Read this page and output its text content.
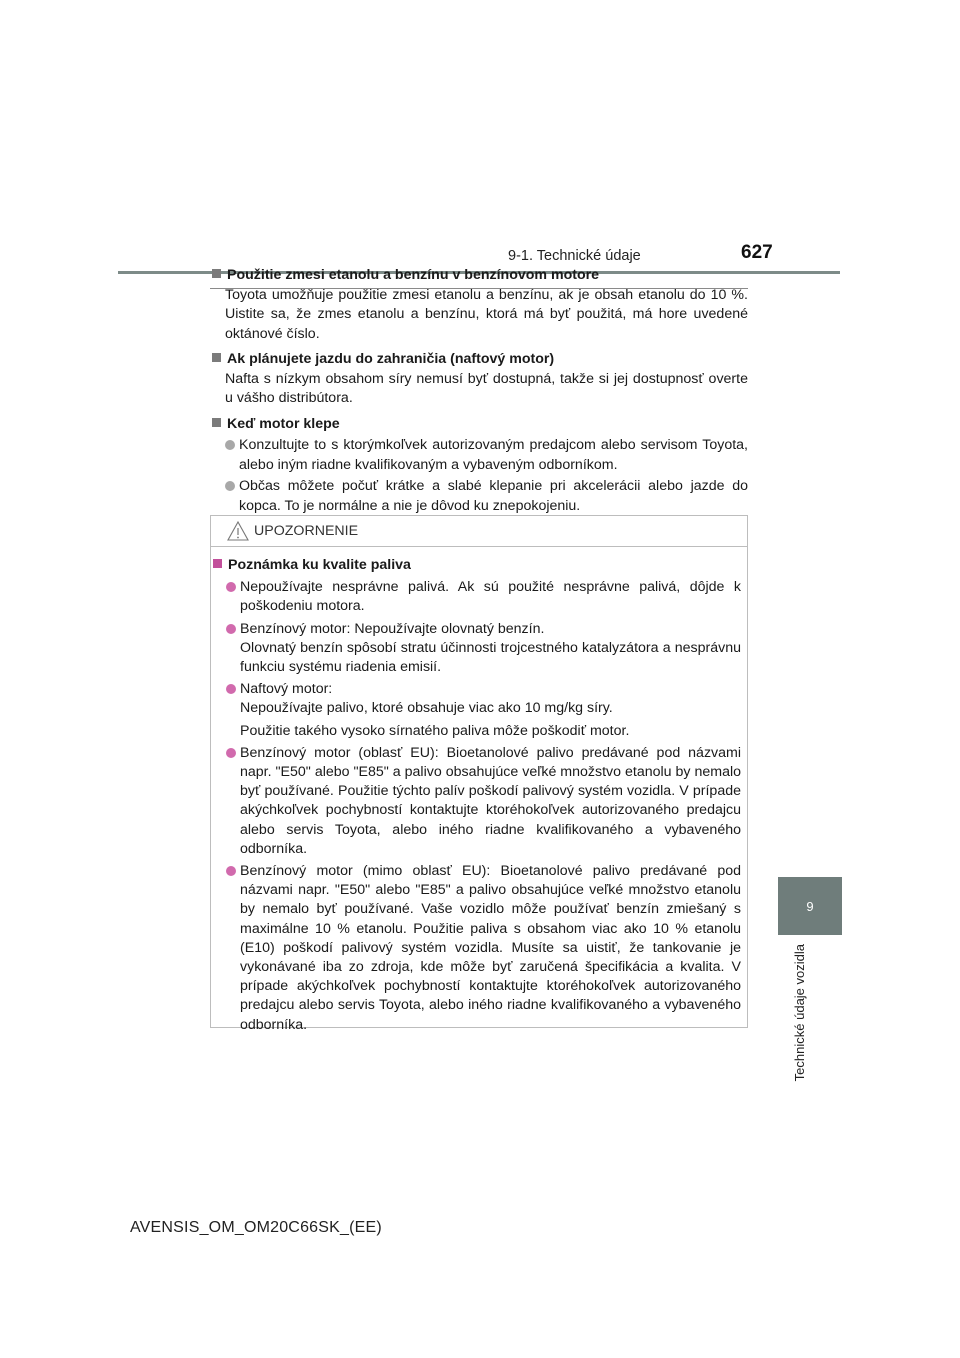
9-1. Technické údaje	627
9
Technické údaje vozidla
Použitie zmesi etanolu a benzínu v benzínovom motore
Toyota umožňuje použitie zmesi etanolu a benzínu, ak je obsah etanolu do 10 %. Uistite sa, že zmes etanolu a benzínu, ktorá má byť použitá, má hore uvedené oktánové číslo.
Ak plánujete jazdu do zahraničia (naftový motor)
Nafta s nízkym obsahom síry nemusí byť dostupná, takže si jej dostupnosť overte u vášho distribútora.
Keď motor klepe
Konzultujte to s ktorýmkoľvek autorizovaným predajcom alebo servisom Toyota, alebo iným riadne kvalifikovaným a vybaveným odborníkom.
Občas môžete počuť krátke a slabé klepanie pri akcelerácii alebo jazde do kopca. To je normálne a nie je dôvod ku znepokojeniu.
UPOZORNENIE
Poznámka ku kvalite paliva

Nepoužívajte nesprávne palivá. Ak sú použité nesprávne palivá, dôjde k poškodeniu motora.

Benzínový motor: Nepoužívajte olovnatý benzín.

Olovnatý benzín spôsobí stratu účinnosti trojcestného katalyzátora a nesprávnu funkciu systému riadenia emisií.

Naftový motor:

Nepoužívajte palivo, ktoré obsahuje viac ako 10 mg/kg síry.

Použitie takého vysoko sírnatého paliva môže poškodiť motor.

Benzínový motor (oblasť EU): Bioetanolové palivo predávané pod názvami napr. "E50" alebo "E85" a palivo obsahujúce veľké množstvo etanolu by nemalo byť používané. Použitie týchto palív poškodí palivový systém vozidla. V prípade akýchkoľvek pochybností kontaktujte ktoréhokoľvek autorizovaného predajcu alebo servis Toyota, alebo iného riadne kvalifikovaného a vybaveného odborníka.

Benzínový motor (mimo oblasť EU): Bioetanolové palivo predávané pod názvami napr. "E50" alebo "E85" a palivo obsahujúce veľké množstvo etanolu by nemalo byť používané. Vaše vozidlo môže používať benzín zmiešaný s maximálne 10 % etanolu. Použitie paliva s obsahom viac ako 10 % etanolu (E10) poškodí palivový systém vozidla. Musíte sa uistiť, že tankovanie je vykonávané iba zo zdroja, kde môže byť zaručená špecifikácia a kvalita. V prípade akýchkoľvek pochybností kontaktujte ktoréhokoľvek autorizovaného predajcu alebo servis Toyota, alebo iného riadne kvalifikovaného a vybaveného odborníka.

AVENSIS_OM_OM20C66SK_(EE)
